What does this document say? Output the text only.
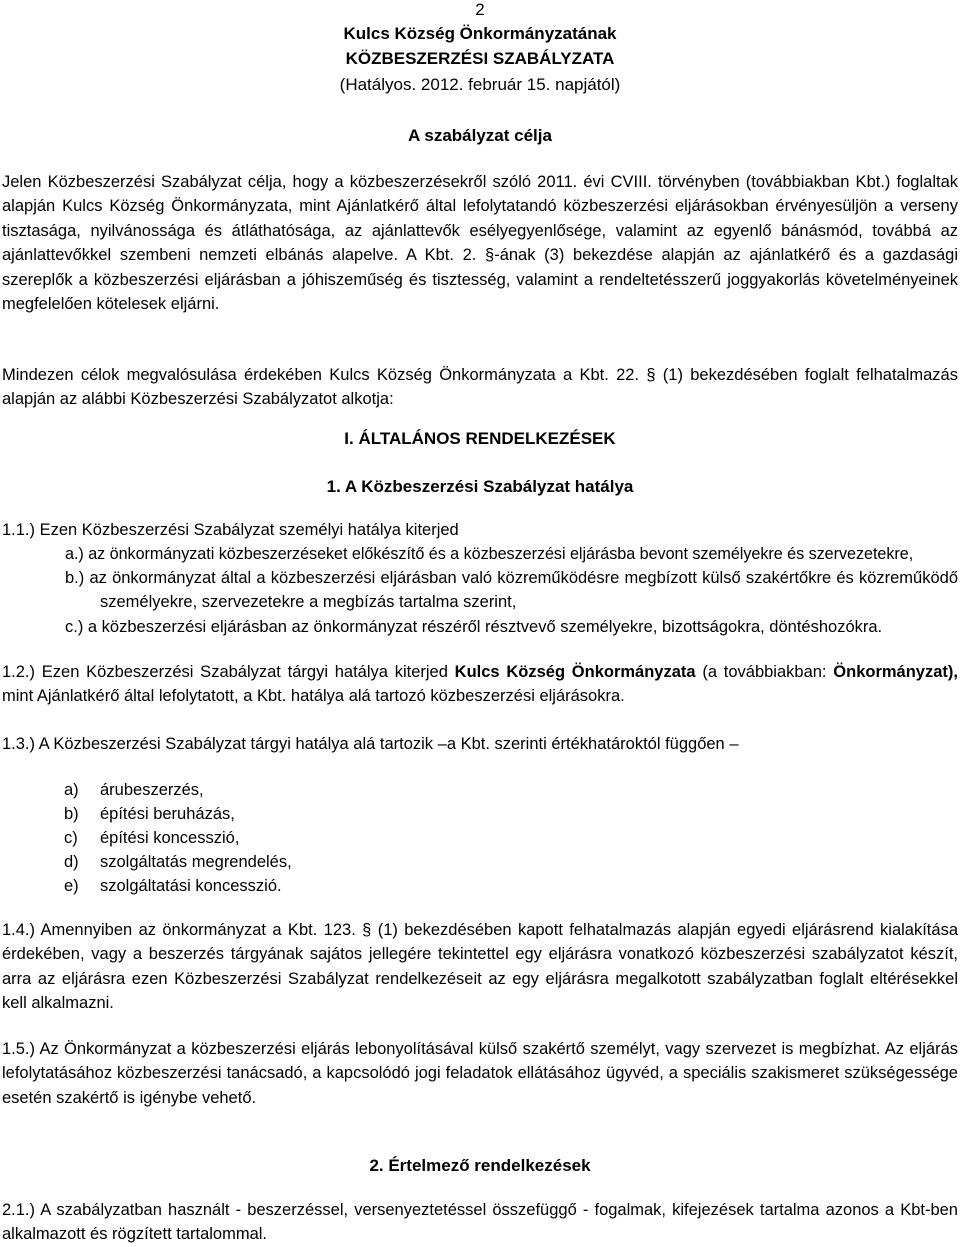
2
Kulcs Község Önkormányzatának
KÖZBESZERZÉSI SZABÁLYZATA
(Hatályos. 2012. február 15. napjától)
A szabályzat célja
Jelen Közbeszerzési Szabályzat célja, hogy a közbeszerzésekről szóló 2011. évi CVIII. törvényben (továbbiakban Kbt.) foglaltak alapján Kulcs Község Önkormányzata, mint Ajánlatkérő által lefolytatandó közbeszerzési eljárásokban érvényesüljön a verseny tisztasága, nyilvánossága és átláthatósága, az ajánlattevők esélyegyenlősége, valamint az egyenlő bánásmód, továbbá az ajánlattevőkkel szembeni nemzeti elbánás alapelve. A Kbt. 2. §-ának (3) bekezdése alapján az ajánlatkérő és a gazdasági szereplők a közbeszerzési eljárásban a jóhiszeműség és tisztesség, valamint a rendeltetésszerű joggyakorlás követelményeinek megfelelően kötelesek eljárni.
Mindezen célok megvalósulása érdekében Kulcs Község Önkormányzata a Kbt. 22. § (1) bekezdésében foglalt felhatalmazás alapján az alábbi Közbeszerzési Szabályzatot alkotja:
I. ÁLTALÁNOS RENDELKEZÉSEK
1. A Közbeszerzési Szabályzat hatálya
1.1.) Ezen Közbeszerzési Szabályzat személyi hatálya kiterjed
a.) az önkormányzati közbeszerzéseket előkészítő és a közbeszerzési eljárásba bevont személyekre és szervezetekre,
b.) az önkormányzat által a közbeszerzési eljárásban való közreműködésre megbízott külső szakértőkre és közreműködő személyekre, szervezetekre a megbízás tartalma szerint,
c.) a közbeszerzési eljárásban az önkormányzat részéről résztvevő személyekre, bizottságokra, döntéshozókra.
1.2.) Ezen Közbeszerzési Szabályzat tárgyi hatálya kiterjed Kulcs Község Önkormányzata (a továbbiakban: Önkormányzat), mint Ajánlatkérő által lefolytatott, a Kbt. hatálya alá tartozó közbeszerzési eljárásokra.
1.3.) A Közbeszerzési Szabályzat tárgyi hatálya alá tartozik –a Kbt. szerinti értékhatároktól függően –
a) árubeszerzés,
b) építési beruházás,
c) építési koncesszió,
d) szolgáltatás megrendelés,
e) szolgáltatási koncesszió.
1.4.) Amennyiben az önkormányzat a Kbt. 123. § (1) bekezdésében kapott felhatalmazás alapján egyedi eljárásrend kialakítása érdekében, vagy a beszerzés tárgyának sajátos jellegére tekintettel egy eljárásra vonatkozó közbeszerzési szabályzatot készít, arra az eljárásra ezen Közbeszerzési Szabályzat rendelkezéseit az egy eljárásra megalkotott szabályzatban foglalt eltérésekkel kell alkalmazni.
1.5.) Az Önkormányzat a közbeszerzési eljárás lebonyolításával külső szakértő személyt, vagy szervezet is megbízhat. Az eljárás lefolytatásához közbeszerzési tanácsadó, a kapcsolódó jogi feladatok ellátásához ügyvéd, a speciális szakismeret szükségessége esetén szakértő is igénybe vehető.
2. Értelmező rendelkezések
2.1.) A szabályzatban használt - beszerzéssel, versenyeztetéssel összefüggő - fogalmak, kifejezések tartalma azonos a Kbt-ben alkalmazott és rögzített tartalommal.
